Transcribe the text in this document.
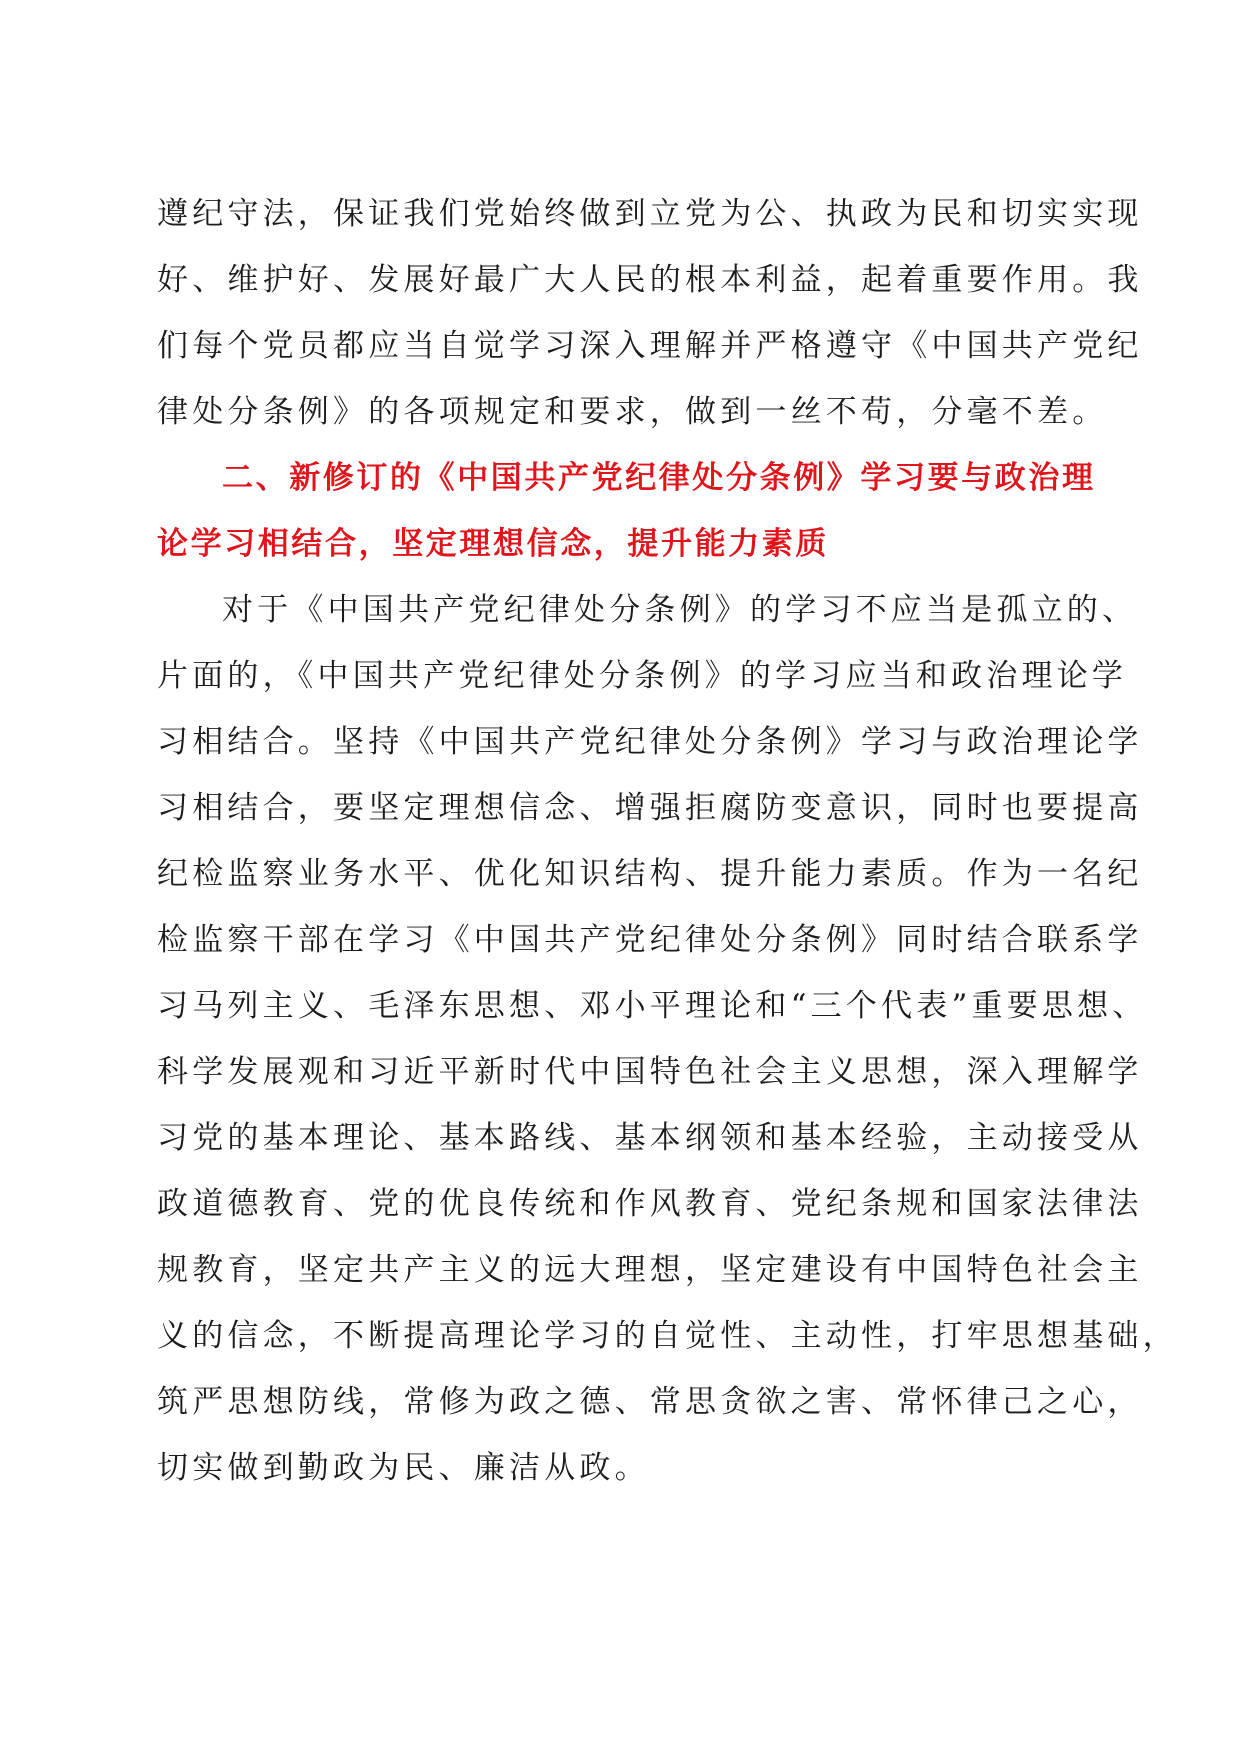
遵纪守法，保证我们党始终做到立党为公、执政为民和切实实现
好、维护好、发展好最广大人民的根本利益，起着重要作用。我
们每个党员都应当自觉学习深入理解并严格遵守《中国共产党纪
律处分条例》的各项规定和要求，做到一丝不苟，分毫不差。
二、新修订的《中国共产党纪律处分条例》学习要与政治理
论学习相结合，坚定理想信念，提升能力素质
对于《中国共产党纪律处分条例》的学习不应当是孤立的、
片面的，《中国共产党纪律处分条例》的学习应当和政治理论学
习相结合。坚持《中国共产党纪律处分条例》学习与政治理论学
习相结合，要坚定理想信念、增强拒腐防变意识，同时也要提高
纪检监察业务水平、优化知识结构、提升能力素质。作为一名纪
检监察干部在学习《中国共产党纪律处分条例》同时结合联系学
习马列主义、毛泽东思想、邓小平理论和“三个代表”重要思想、
科学发展观和习近平新时代中国特色社会主义思想，深入理解学
习党的基本理论、基本路线、基本纲领和基本经验，主动接受从
政道德教育、党的优良传统和作风教育、党纪条规和国家法律法
规教育，坚定共产主义的远大理想，坚定建设有中国特色社会主
义的信念，不断提高理论学习的自觉性、主动性，打牢思想基础，
筑严思想防线，常修为政之德、常思贪欲之害、常怀律己之心，
切实做到勤政为民、廉洁从政。
